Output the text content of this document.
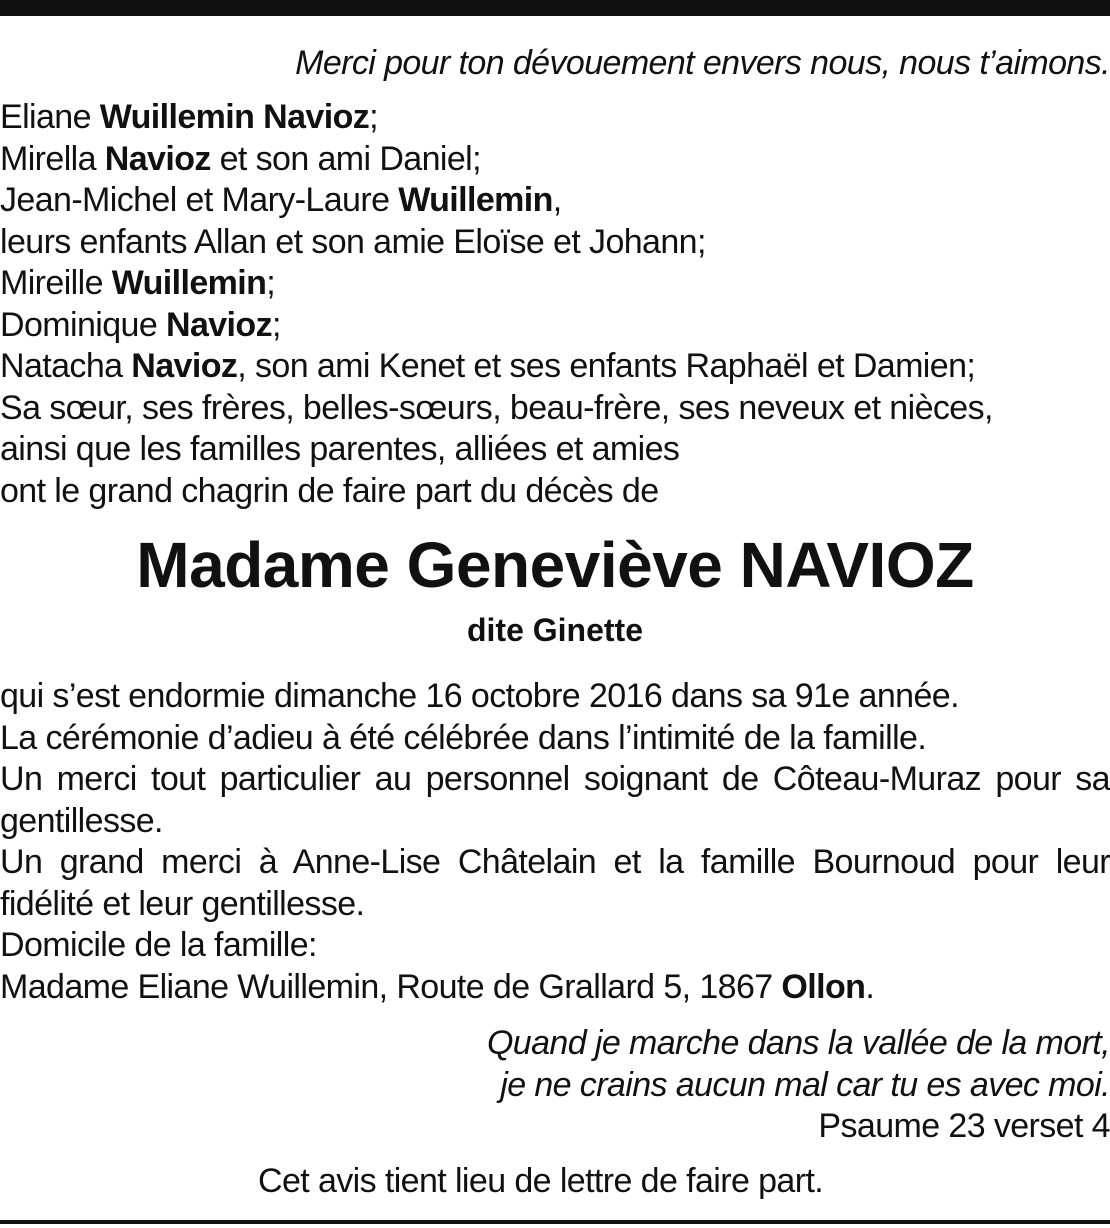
Merci pour ton dévouement envers nous, nous t’aimons.
Eliane Wuillemin Navioz;
Mirella Navioz et son ami Daniel;
Jean-Michel et Mary-Laure Wuillemin,
leurs enfants Allan et son amie Eloïse et Johann;
Mireille Wuillemin;
Dominique Navioz;
Natacha Navioz, son ami Kenet et ses enfants Raphaël et Damien;
Sa sœur, ses frères, belles-sœurs, beau-frère, ses neveux et nièces,
ainsi que les familles parentes, alliées et amies
ont le grand chagrin de faire part du décès de
Madame Geneviève NAVIOZ
dite Ginette
qui s’est endormie dimanche 16 octobre 2016 dans sa 91e année.
La cérémonie d’adieu à été célébrée dans l’intimité de la famille.
Un merci tout particulier au personnel soignant de Côteau-Muraz pour sa
gentillesse.
Un grand merci à Anne-Lise Châtelain et la famille Bournoud pour leur
fidélité et leur gentillesse.
Domicile de la famille:
Madame Eliane Wuillemin, Route de Grallard 5, 1867 Ollon.
Quand je marche dans la vallée de la mort,
je ne crains aucun mal car tu es avec moi.
Psaume 23 verset 4
Cet avis tient lieu de lettre de faire part.
